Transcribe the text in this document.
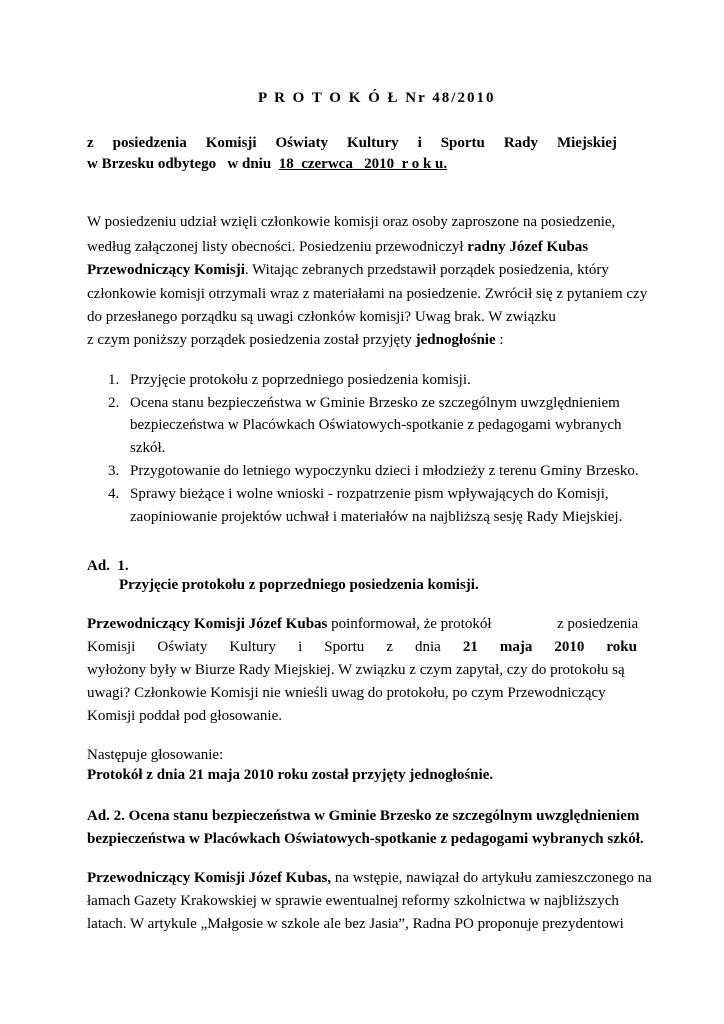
P R O T O K Ó Ł Nr 48/2010
z posiedzenia Komisji Oświaty Kultury i Sportu Rady Miejskiej
w Brzesku odbytego   w dniu  18  czerwca   2010  r o k u.
W posiedzeniu udział wzięli członkowie komisji oraz osoby zaproszone na posiedzenie,
według załączonej listy obecności. Posiedzeniu przewodniczył radny Józef Kubas
Przewodniczący Komisji. Witając zebranych przedstawił porządek posiedzenia, który
członkowie komisji otrzymali wraz z materiałami na posiedzenie. Zwrócił się z pytaniem czy
do przesłanego porządku są uwagi członków komisji? Uwag brak. W związku
z czym poniższy porządek posiedzenia został przyjęty jednogłośnie :
1. Przyjęcie protokołu z poprzedniego posiedzenia komisji.
2. Ocena stanu bezpieczeństwa w Gminie Brzesko ze szczególnym uwzględnieniem
bezpieczeństwa w Placówkach Oświatowych-spotkanie z pedagogami wybranych
szkół.
3. Przygotowanie do letniego wypoczynku dzieci i młodzieży z terenu Gminy Brzesko.
4. Sprawy bieżące i wolne wnioski - rozpatrzenie pism wpływających do Komisji,
zaopiniowanie projektów uchwał i materiałów na najbliższą sesję Rady Miejskiej.
Ad.  1.
Przyjęcie protokołu z poprzedniego posiedzenia komisji.
Przewodniczący Komisji Józef Kubas poinformował, że protokół	z posiedzenia
Komisji Oświaty Kultury i Sportu z dnia 21 maja 2010 roku
wyłożony były w Biurze Rady Miejskiej. W związku z czym zapytał, czy do protokołu są
uwagi? Członkowie Komisji nie wnieśli uwag do protokołu, po czym Przewodniczący
Komisji poddał pod głosowanie.
Następuje głosowanie:
Protokół z dnia 21 maja 2010 roku został przyjęty jednogłośnie.
Ad. 2. Ocena stanu bezpieczeństwa w Gminie Brzesko ze szczególnym uwzględnieniem
bezpieczeństwa w Placówkach Oświatowych-spotkanie z pedagogami wybranych szkół.
Przewodniczący Komisji Józef Kubas, na wstępie, nawiązał do artykułu zamieszczonego na
łamach Gazety Krakowskiej w sprawie ewentualnej reformy szkolnictwa w najbliższych
latach. W artykule „Małgosie w szkole ale bez Jasia”, Radna PO proponuje prezydentowi
